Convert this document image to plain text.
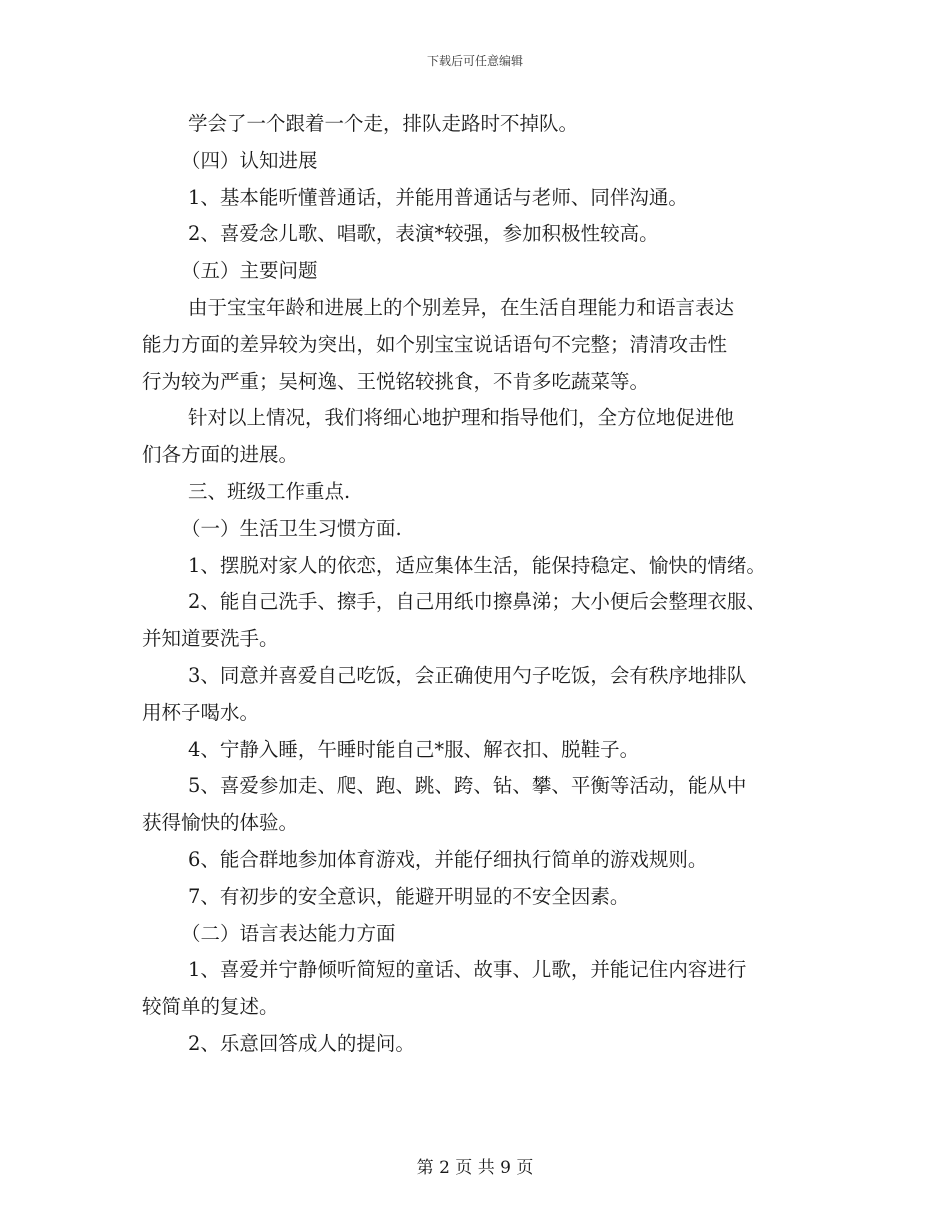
下载后可任意编辑

学会了一个跟着一个走，排队走路时不掉队。

（四）认知进展

1、基本能听懂普通话，并能用普通话与老师、同伴沟通。

2、喜爱念儿歌、唱歌，表演*较强，参加积极性较高。

（五）主要问题

由于宝宝年龄和进展上的个别差异，在生活自理能力和语言表达

能力方面的差异较为突出，如个别宝宝说话语句不完整；清清攻击性

行为较为严重；吴柯逸、王悦铭较挑食，不肯多吃蔬菜等。

针对以上情况，我们将细心地护理和指导他们，全方位地促进他

们各方面的进展。

三、班级工作重点.

（一）生活卫生习惯方面.

1、摆脱对家人的依恋，适应集体生活，能保持稳定、愉快的情绪。

2、能自己洗手、擦手，自己用纸巾擦鼻涕；大小便后会整理衣服、

并知道要洗手。

3、同意并喜爱自己吃饭，会正确使用勺子吃饭，会有秩序地排队

用杯子喝水。

4、宁静入睡，午睡时能自己*服、解衣扣、脱鞋子。

5、喜爱参加走、爬、跑、跳、跨、钻、攀、平衡等活动，能从中

获得愉快的体验。

6、能合群地参加体育游戏，并能仔细执行简单的游戏规则。

7、有初步的安全意识，能避开明显的不安全因素。

（二）语言表达能力方面

1、喜爱并宁静倾听简短的童话、故事、儿歌，并能记住内容进行

较简单的复述。

2、乐意回答成人的提问。

第 2 页 共 9 页
